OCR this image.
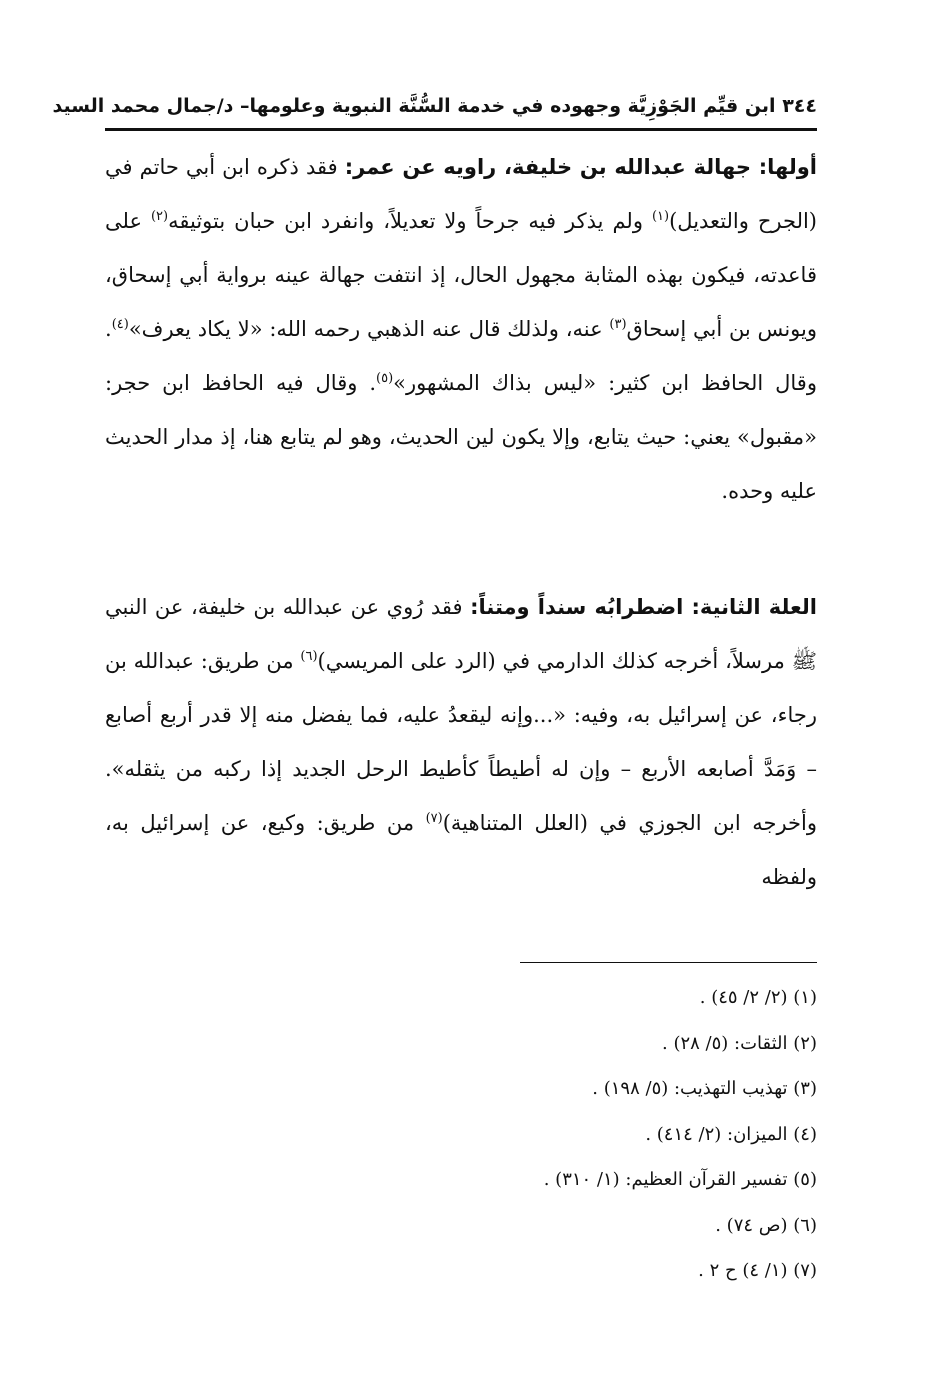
٣٤٤ ابن قيِّم الجَوْزِيَّة وجهوده في خدمة السُّنَّة النبوية وعلومها– د/جمال محمد السيد
أولها: جهالة عبدالله بن خليفة، راويه عن عمر: فقد ذكره ابن أبي حاتم في (الجرح والتعديل)$^{(١)}$ ولم يذكر فيه جرحاً ولا تعديلاً، وانفرد ابن حبان بتوثيقه$^{(٢)}$ على قاعدته، فيكون بهذه المثابة مجهول الحال، إذ انتفت جهالة عينه برواية أبي إسحاق، ويونس بن أبي إسحاق$^{(٣)}$ عنه، ولذلك قال عنه الذهبي رحمه الله: «لا يكاد يعرف»$^{(٤)}$. وقال الحافظ ابن كثير: «ليس بذاك المشهور»$^{(٥)}$. وقال فيه الحافظ ابن حجر: «مقبول» يعني: حيث يتابع، وإلا يكون لين الحديث، وهو لم يتابع هنا، إذ مدار الحديث عليه وحده.
العلة الثانية: اضطرابُه سنداً ومتناً: فقد رُوي عن عبدالله بن خليفة، عن النبي ﷺ مرسلاً، أخرجه كذلك الدارمي في (الرد على المريسي)$^{(٦)}$ من طريق: عبدالله بن رجاء، عن إسرائيل به، وفيه: «...وإنه ليقعدُ عليه، فما يفضل منه إلا قدر أربع أصابع – وَمَدَّ أصابعه الأربع – وإن له أطيطاً كأطيط الرحل الجديد إذا ركبه من يثقله». وأخرجه ابن الجوزي في (العلل المتناهية)$^{(٧)}$ من طريق: وكيع، عن إسرائيل به، ولفظه
(١) (٢/ ٢/ ٤٥) .
(٢) الثقات: (٥/ ٢٨) .
(٣) تهذيب التهذيب: (٥/ ١٩٨) .
(٤) الميزان: (٢/ ٤١٤) .
(٥) تفسير القرآن العظيم: (١/ ٣١٠) .
(٦) (ص ٧٤) .
(٧) (١/ ٤) ح ٢ .
